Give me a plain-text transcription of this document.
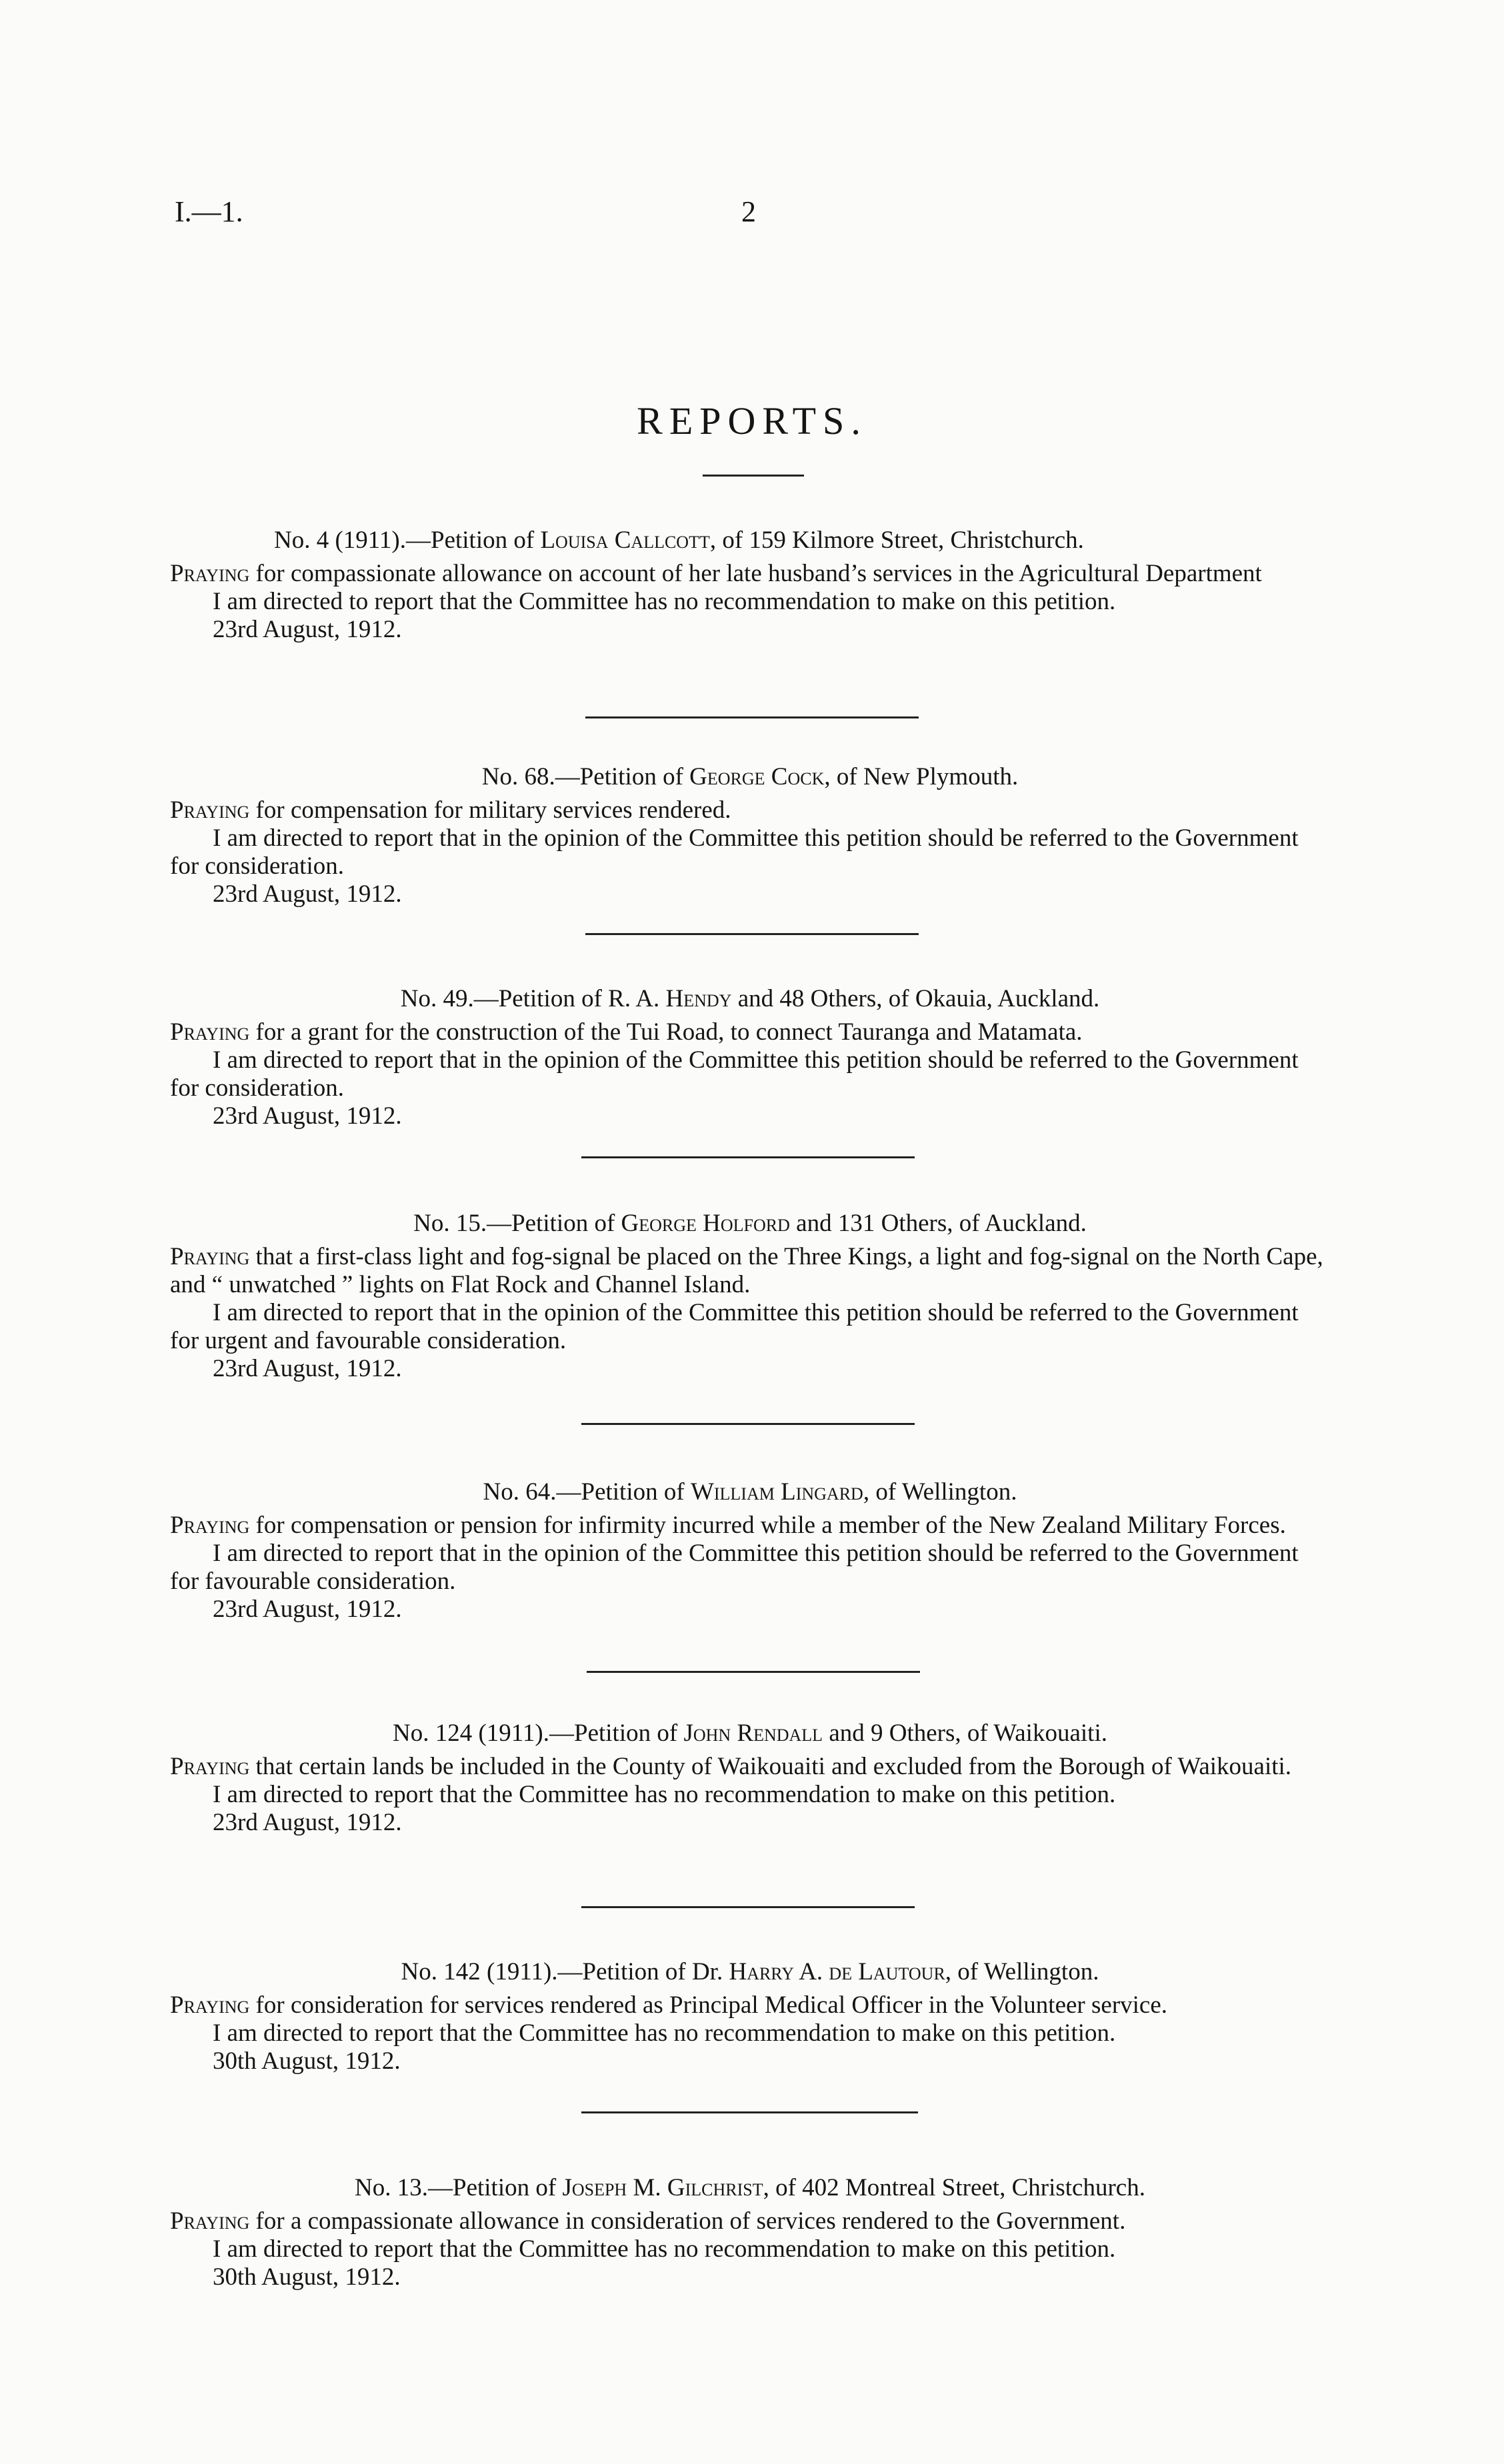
I.—1.	2
REPORTS.

No. 4 (1911).—Petition of Louisa Callcott, of 159 Kilmore Street, Christchurch.

Praying for compassionate allowance on account of her late husband’s services in the Agricultural Department

I am directed to report that the Committee has no recommendation to make on this petition.

23rd August, 1912.

No. 68.—Petition of George Cock, of New Plymouth.

Praying for compensation for military services rendered.

I am directed to report that in the opinion of the Committee this petition should be referred to the Government for consideration.

23rd August, 1912.

No. 49.—Petition of R. A. Hendy and 48 Others, of Okauia, Auckland.

Praying for a grant for the construction of the Tui Road, to connect Tauranga and Matamata.

I am directed to report that in the opinion of the Committee this petition should be referred to the Government for consideration.

23rd August, 1912.

No. 15.—Petition of George Holford and 131 Others, of Auckland.

Praying that a first-class light and fog-signal be placed on the Three Kings, a light and fog-signal on the North Cape, and “ unwatched ” lights on Flat Rock and Channel Island.

I am directed to report that in the opinion of the Committee this petition should be referred to the Government for urgent and favourable consideration.

23rd August, 1912.

No. 64.—Petition of William Lingard, of Wellington.

Praying for compensation or pension for infirmity incurred while a member of the New Zealand Military Forces.

I am directed to report that in the opinion of the Committee this petition should be referred to the Government for favourable consideration.

23rd August, 1912.

No. 124 (1911).—Petition of John Rendall and 9 Others, of Waikouaiti.

Praying that certain lands be included in the County of Waikouaiti and excluded from the Borough of Waikouaiti.

I am directed to report that the Committee has no recommendation to make on this petition.

23rd August, 1912.

No. 142 (1911).—Petition of Dr. Harry A. de Lautour, of Wellington.

Praying for consideration for services rendered as Principal Medical Officer in the Volunteer service.

I am directed to report that the Committee has no recommendation to make on this petition.

30th August, 1912.

No. 13.—Petition of Joseph M. Gilchrist, of 402 Montreal Street, Christchurch.

Praying for a compassionate allowance in consideration of services rendered to the Government.

I am directed to report that the Committee has no recommendation to make on this petition.

30th August, 1912.
